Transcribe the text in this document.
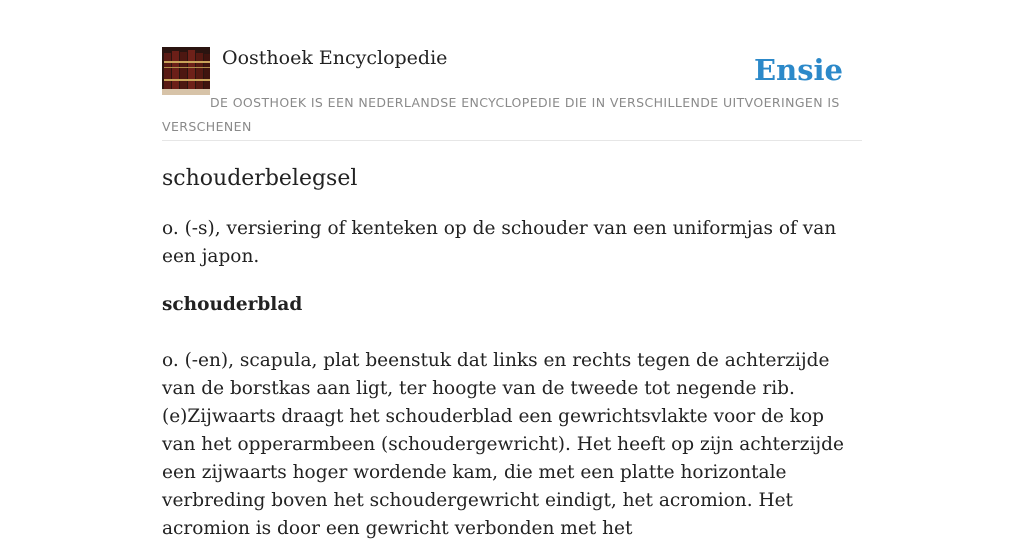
Oosthoek Encyclopedie	Ensie
DE OOSTHOEK IS EEN NEDERLANDSE ENCYCLOPEDIE DIE IN VERSCHILLENDE UITVOERINGEN IS VERSCHENEN
schouderbelegsel

o. (-s), versiering of kenteken op de schouder van een uniformjas of van een japon.

schouderblad

o. (-en), scapula, plat beenstuk dat links en rechts tegen de achterzijde van de borstkas aan ligt, ter hoogte van de tweede tot negende rib. (e)Zijwaarts draagt het schouderblad een gewrichtsvlakte voor de kop van het opperarmbeen (schoudergewricht). Het heeft op zijn achterzijde een zijwaarts hoger wordende kam, die met een platte horizontale verbreding boven het schoudergewricht eindigt, het acromion. Het acromion is door een gewricht verbonden met het
